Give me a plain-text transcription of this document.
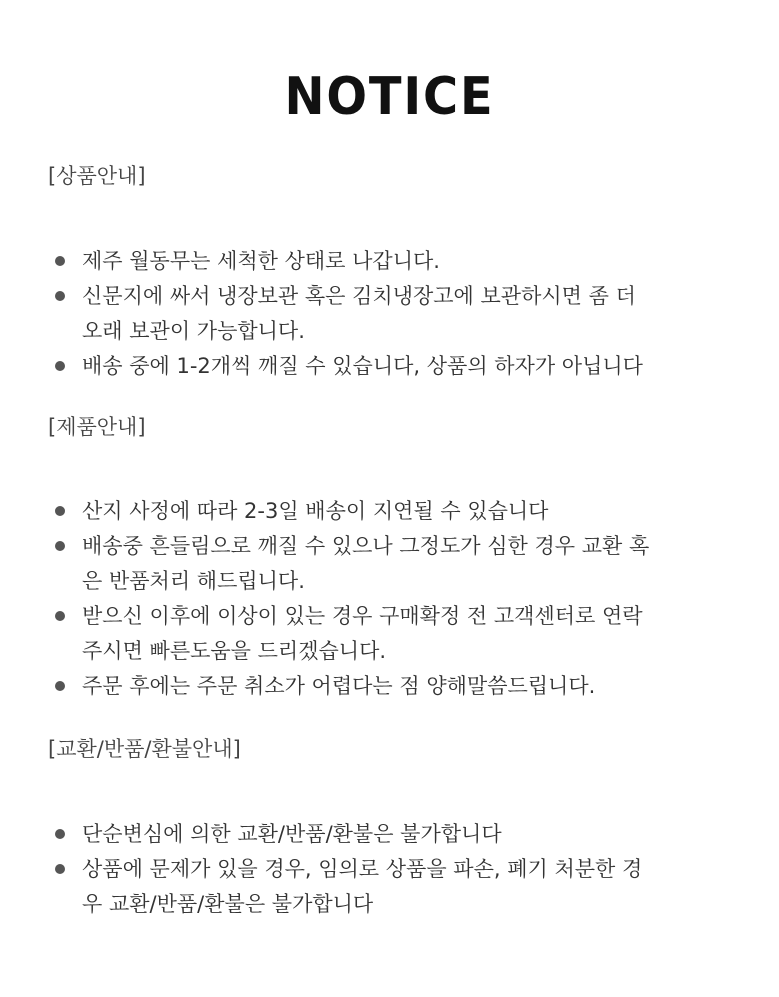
NOTICE
[상품안내]
제주 월동무는 세척한 상태로 나갑니다.
신문지에 싸서 냉장보관 혹은 김치냉장고에 보관하시면 좀 더
오래 보관이 가능합니다.
배송 중에 1-2개씩 깨질 수 있습니다, 상품의 하자가 아닙니다
[제품안내]
산지 사정에 따라 2-3일 배송이 지연될 수 있습니다
배송중 흔들림으로 깨질 수 있으나 그정도가 심한 경우 교환 혹
은 반품처리 해드립니다.
받으신 이후에 이상이 있는 경우 구매확정 전 고객센터로 연락
주시면 빠른도움을 드리겠습니다.
주문 후에는 주문 취소가 어렵다는 점 양해말씀드립니다.
[교환/반품/환불안내]
단순변심에 의한 교환/반품/환불은 불가합니다
상품에 문제가 있을 경우, 임의로 상품을 파손, 폐기 처분한 경
우 교환/반품/환불은 불가합니다
